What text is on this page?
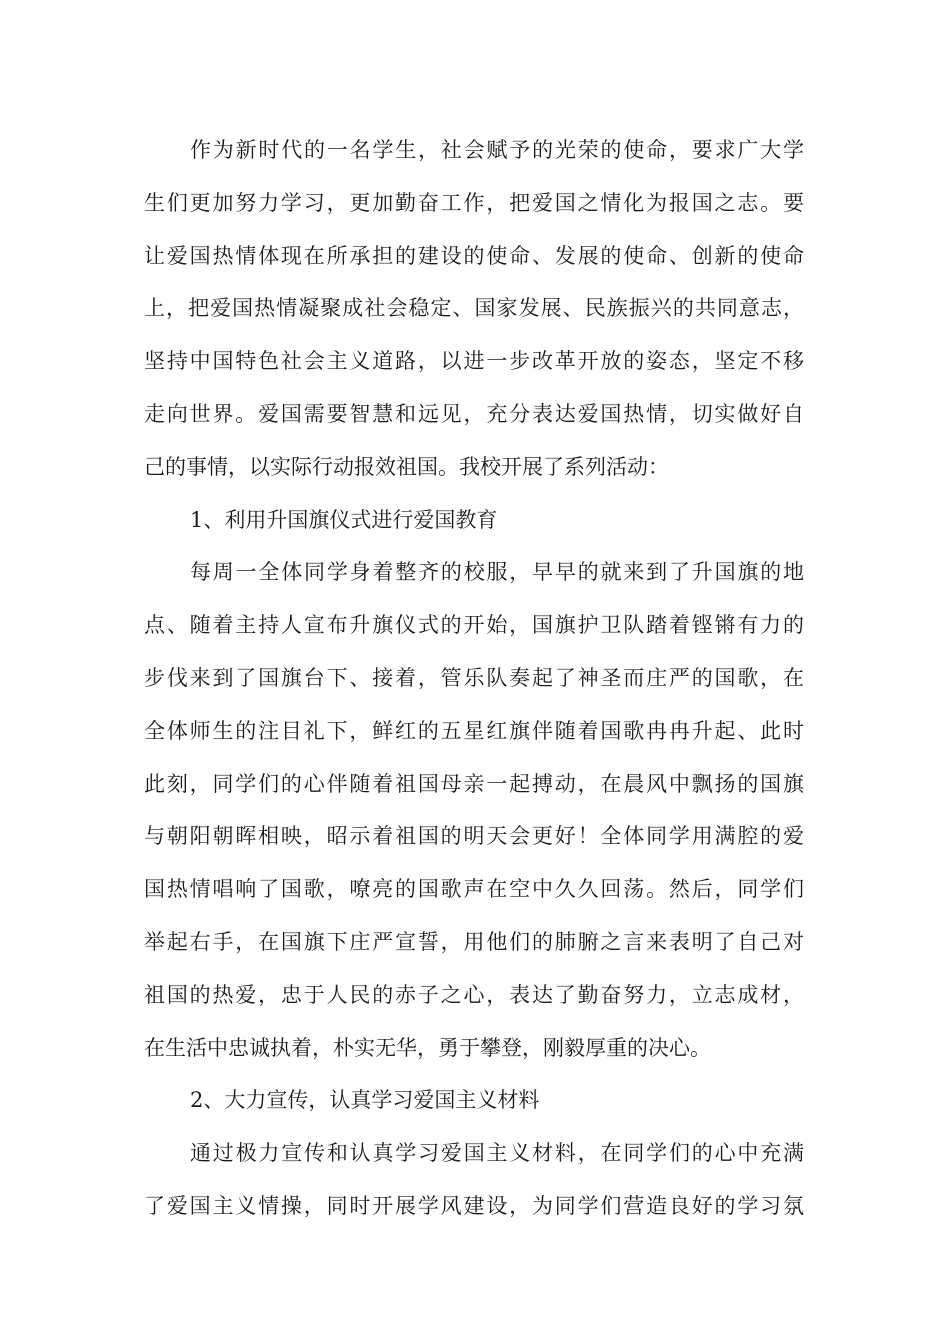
作为新时代的一名学生，社会赋予的光荣的使命，要求广大学
生们更加努力学习，更加勤奋工作，把爱国之情化为报国之志。要
让爱国热情体现在所承担的建设的使命、发展的使命、创新的使命
上，把爱国热情凝聚成社会稳定、国家发展、民族振兴的共同意志，
坚持中国特色社会主义道路，以进一步改革开放的姿态，坚定不移
走向世界。爱国需要智慧和远见，充分表达爱国热情，切实做好自
己的事情，以实际行动报效祖国。我校开展了系列活动：
1、利用升国旗仪式进行爱国教育
每周一全体同学身着整齐的校服，早早的就来到了升国旗的地
点、随着主持人宣布升旗仪式的开始，国旗护卫队踏着铿锵有力的
步伐来到了国旗台下、接着，管乐队奏起了神圣而庄严的国歌，在
全体师生的注目礼下，鲜红的五星红旗伴随着国歌冉冉升起、此时
此刻，同学们的心伴随着祖国母亲一起搏动，在晨风中飘扬的国旗
与朝阳朝晖相映，昭示着祖国的明天会更好！全体同学用满腔的爱
国热情唱响了国歌，嘹亮的国歌声在空中久久回荡。然后，同学们
举起右手，在国旗下庄严宣誓，用他们的肺腑之言来表明了自己对
祖国的热爱，忠于人民的赤子之心，表达了勤奋努力，立志成材，
在生活中忠诚执着，朴实无华，勇于攀登，刚毅厚重的决心。
2、大力宣传，认真学习爱国主义材料
通过极力宣传和认真学习爱国主义材料，在同学们的心中充满
了爱国主义情操，同时开展学风建设，为同学们营造良好的学习氛
